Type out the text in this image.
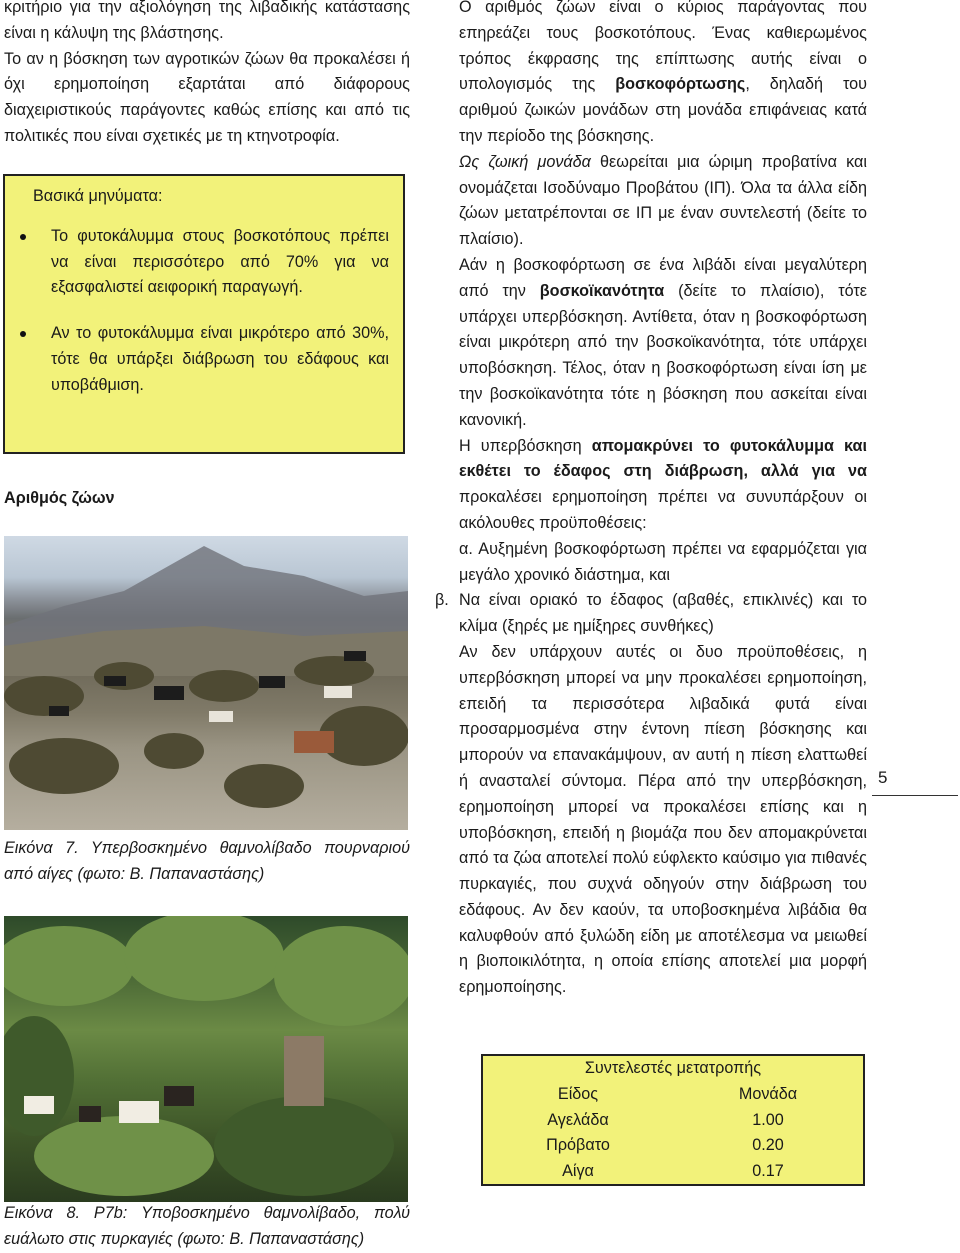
κριτήριο για την αξιολόγηση της λιβαδικής κατάστασης είναι η κάλυψη της βλάστησης.

Το αν η βόσκηση των αγροτικών ζώων θα προκαλέσει ή όχι ερημοποίηση εξαρτάται από διάφορους διαχειριστικούς παράγοντες καθώς επίσης και από τις πολιτικές που είναι σχετικές με τη κτηνοτροφία.

Βασικά μηνύματα:
Το φυτοκάλυμμα στους βοσκοτόπους πρέπει να είναι περισσότερο από 70% για να εξασφαλιστεί αειφορική παραγωγή.
Αν το φυτοκάλυμμα είναι μικρότερο από 30%, τότε θα υπάρξει διάβρωση του εδάφους και υποβάθμιση.
Αριθμός ζώων
Εικόνα 7. Υπερβοσκημένο θαμνολίβαδο πουρναριού από αίγες (φωτο: Β. Παπαναστάσης)
Εικόνα 8. P7b: Υποβοσκημένο θαμνολίβαδο, πολύ εuάλωτο στις πυρκαγιές (φωτο: Β. Παπαναστάσης)

Ο αριθμός ζώων είναι ο κύριος παράγοντας που επηρεάζει τους βοσκοτόπους. Ένας καθιερωμένος τρόπος έκφρασης της επίπτωσης αυτής είναι ο υπολογισμός της βοσκοφόρτωσης, δηλαδή του αριθμού ζωικών μονάδων στη μονάδα επιφάνειας κατά την περίοδο της βόσκησης.

Ως ζωική μονάδα θεωρείται μια ώριμη προβατίνα και ονομάζεται Ισοδύναμο Προβάτου (ΙΠ). Όλα τα άλλα είδη ζώων μετατρέπονται σε ΙΠ με έναν συντελεστή (δείτε το πλαίσιο).

Αάν η βοσκοφόρτωση σε ένα λιβάδι είναι μεγαλύτερη από την βοσκοϊκανότητα (δείτε το πλαίσιο), τότε υπάρχει υπερβόσκηση. Αντίθετα, όταν η βοσκοφόρτωση είναι μικρότερη από την βοσκοϊκανότητα, τότε υπάρχει υποβόσκηση. Τέλος, όταν η βοσκοφόρτωση είναι ίση με την βοσκοϊκανότητα τότε η βόσκηση που ασκείται είναι κανονική.

Η υπερβόσκηση απομακρύνει το φυτοκάλυμμα και εκθέτει το έδαφος στη διάβρωση, αλλά για να προκαλέσει ερημοποίηση πρέπει να συνυπάρξουν οι ακόλουθες προϋποθέσεις:

α. Αυξημένη βοσκοφόρτωση πρέπει να εφαρμόζεται για μεγάλο χρονικό διάστημα, και

β. Να είναι οριακό το έδαφος (αβαθές, επικλινές) και το κλίμα (ξηρές με ημίξηρες συνθήκες)

Αν δεν υπάρχουν αυτές οι δυο προϋποθέσεις, η υπερβόσκηση μπορεί να μην προκαλέσει ερημοποίηση, επειδή τα περισσότερα λιβαδικά φυτά είναι προσαρμοσμένα στην έντονη πίεση βόσκησης και μπορούν να επανακάμψουν, αν αυτή η πίεση ελαττωθεί ή ανασταλεί σύντομα. Πέρα από την υπερβόσκηση, ερημοποίηση μπορεί να προκαλέσει επίσης και η υποβόσκηση, επειδή η βιομάζα που δεν απομακρύνεται από τα ζώα αποτελεί πολύ εύφλεκτο καύσιμο για πιθανές πυρκαγιές, που συχνά οδηγούν στην διάβρωση του εδάφους. Αν δεν καούν, τα υποβοσκημένα λιβάδια θα καλυφθούν από ξυλώδη είδη με αποτέλεσμα να μειωθεί η βιοποικιλότητα, η οποία επίσης αποτελεί μια μορφή ερημοποίησης.

5
Συντελεστές μετατροπής
Είδος	Μονάδα
Αγελάδα	1.00
Πρόβατο	0.20
Αίγα	0.17
